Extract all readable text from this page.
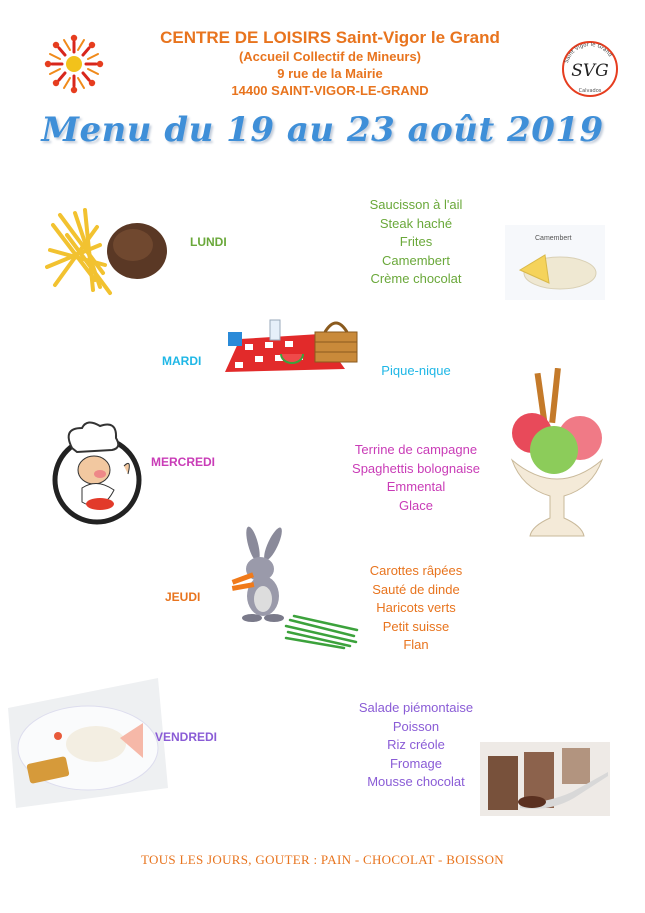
CENTRE DE LOISIRS Saint-Vigor le Grand
(Accueil Collectif de Mineurs)
9 rue de la Mairie
14400 SAINT-VIGOR-LE-GRAND
Saint Vigor le Grand
SVG
Calvados
Menu du 19 au 23 août 2019
LUNDI
Saucisson à l'ail
Steak haché
Frites
Camembert
Crème chocolat
Camembert
MARDI
Pique-nique
MERCREDI
Terrine de campagne
Spaghettis bolognaise
Emmental
Glace
JEUDI
Carottes râpées
Sauté de dinde
Haricots verts
Petit suisse
Flan
VENDREDI
Salade piémontaise
Poisson
Riz créole
Fromage
Mousse chocolat
TOUS LES JOURS, GOUTER : PAIN - CHOCOLAT - BOISSON
